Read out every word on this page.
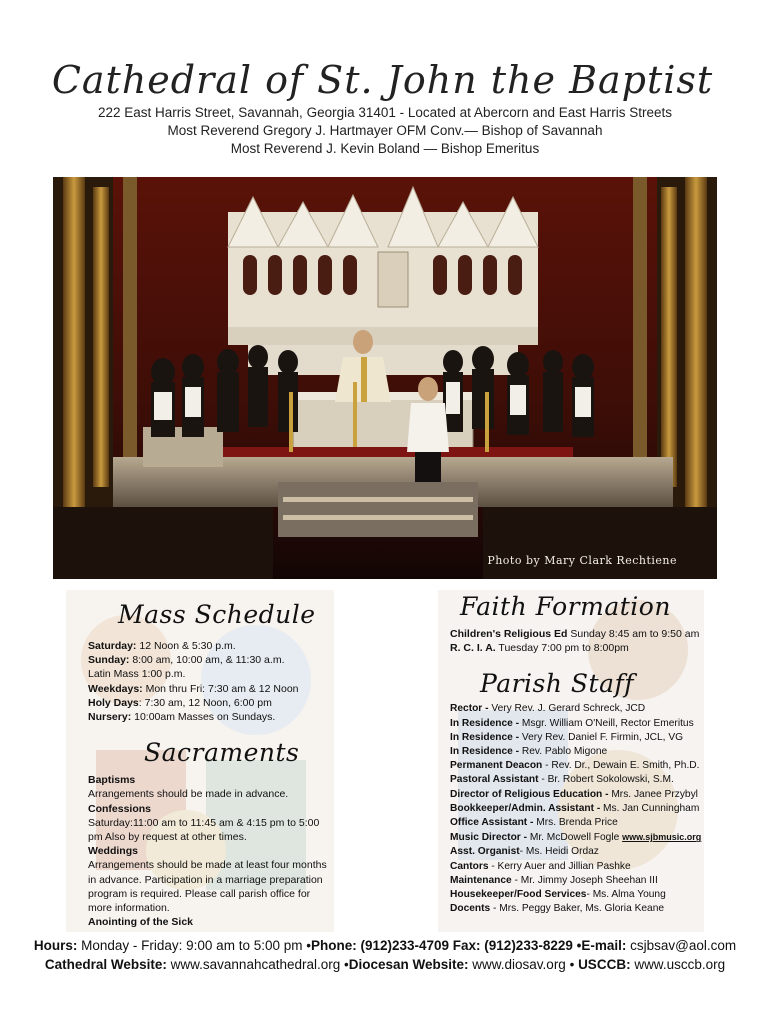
Cathedral of St. John the Baptist
222 East Harris Street, Savannah, Georgia 31401 - Located at Abercorn and East Harris Streets
Most Reverend Gregory J. Hartmayer OFM Conv.— Bishop of Savannah
Most Reverend J. Kevin Boland — Bishop Emeritus
Photo by Mary Clark Rechtiene
Mass Schedule
Saturday: 12 Noon & 5:30 p.m.
Sunday: 8:00 am, 10:00 am, & 11:30 a.m.
Latin Mass 1:00 p.m.
Weekdays: Mon thru Fri: 7:30 am & 12 Noon
Holy Days: 7:30 am, 12 Noon, 6:00 pm
Nursery: 10:00am Masses on Sundays.
Sacraments
Baptisms
Arrangements should be made in advance.
Confessions
Saturday:11:00 am to 11:45 am & 4:15 pm to 5:00 pm Also by request at other times.
Weddings
Arrangements should be made at least four months in advance. Participation in a marriage preparation program is required. Please call parish office for more information.
Anointing of the Sick
Faith Formation
Children's Religious Ed Sunday 8:45 am to 9:50 am
R. C. I. A. Tuesday 7:00 pm to 8:00pm
Parish Staff
Rector - Very Rev. J. Gerard Schreck, JCD
In Residence - Msgr. William O'Neill, Rector Emeritus
In Residence - Very Rev. Daniel F. Firmin, JCL, VG
In Residence - Rev. Pablo Migone
Permanent Deacon - Rev. Dr., Dewain E. Smith, Ph.D.
Pastoral Assistant - Br. Robert Sokolowski, S.M.
Director of Religious Education - Mrs. Janee Przybyl
Bookkeeper/Admin. Assistant - Ms. Jan Cunningham
Office Assistant - Mrs. Brenda Price
Music Director - Mr. McDowell Fogle www.sjbmusic.org
Asst. Organist- Ms. Heidi Ordaz
Cantors - Kerry Auer and Jillian Pashke
Maintenance - Mr. Jimmy Joseph Sheehan III
Housekeeper/Food Services- Ms. Alma Young
Docents - Mrs. Peggy Baker, Ms. Gloria Keane
Hours: Monday - Friday: 9:00 am to 5:00 pm •Phone: (912)233-4709 Fax: (912)233-8229 •E-mail: csjbsav@aol.com
Cathedral Website: www.savannahcathedral.org •Diocesan Website: www.diosav.org • USCCB: www.usccb.org
